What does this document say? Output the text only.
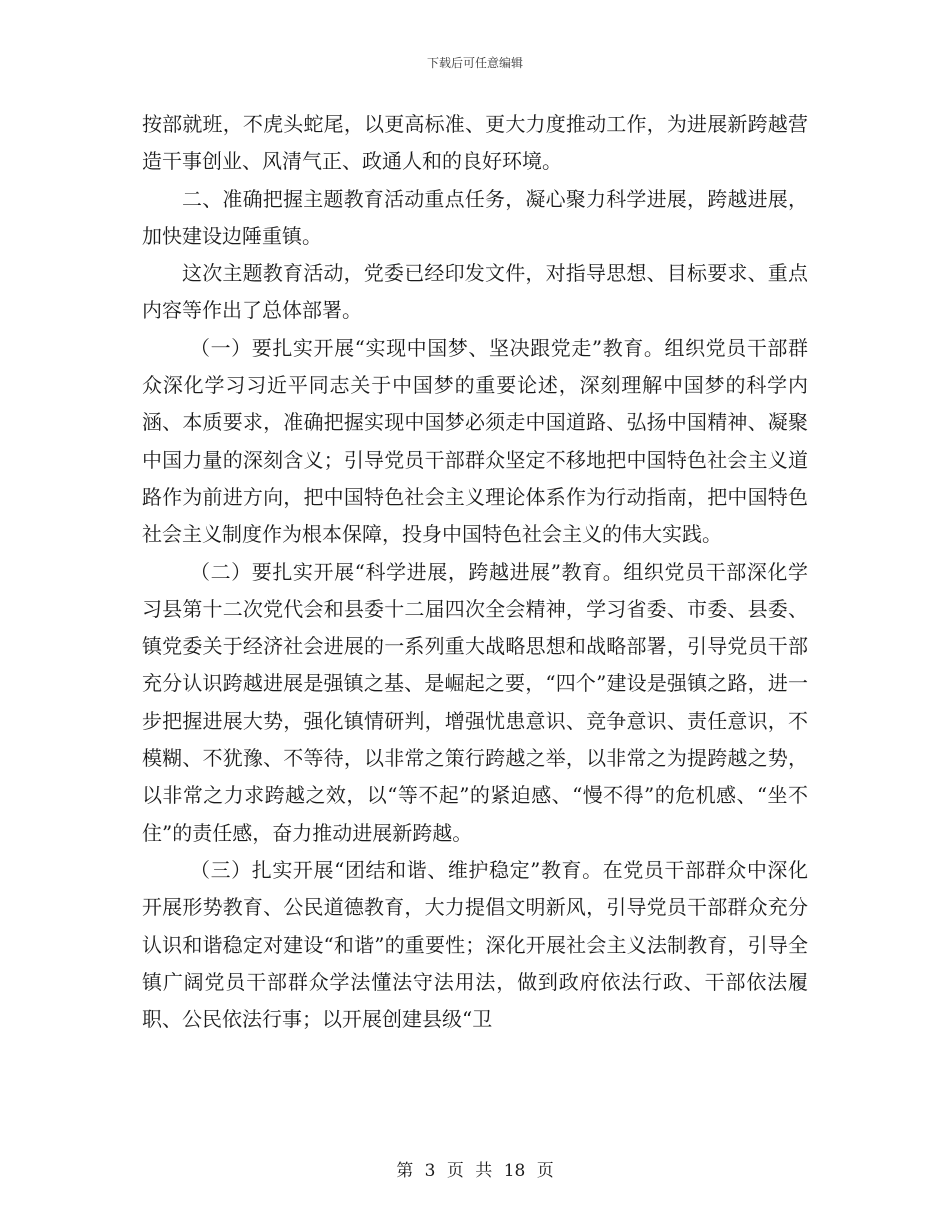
下载后可任意编辑

按部就班，不虎头蛇尾，以更高标准、更大力度推动工作，为进展新跨越营造干事创业、风清气正、政通人和的良好环境。

二、准确把握主题教育活动重点任务，凝心聚力科学进展，跨越进展，加快建设边陲重镇。

这次主题教育活动，党委已经印发文件，对指导思想、目标要求、重点内容等作出了总体部署。

（一）要扎实开展“实现中国梦、坚决跟党走”教育。组织党员干部群众深化学习习近平同志关于中国梦的重要论述，深刻理解中国梦的科学内涵、本质要求，准确把握实现中国梦必须走中国道路、弘扬中国精神、凝聚中国力量的深刻含义；引导党员干部群众坚定不移地把中国特色社会主义道路作为前进方向，把中国特色社会主义理论体系作为行动指南，把中国特色社会主义制度作为根本保障，投身中国特色社会主义的伟大实践。

（二）要扎实开展“科学进展，跨越进展”教育。组织党员干部深化学习县第十二次党代会和县委十二届四次全会精神，学习省委、市委、县委、镇党委关于经济社会进展的一系列重大战略思想和战略部署，引导党员干部充分认识跨越进展是强镇之基、是崛起之要，“四个”建设是强镇之路，进一步把握进展大势，强化镇情研判，增强忧患意识、竞争意识、责任意识，不模糊、不犹豫、不等待，以非常之策行跨越之举，以非常之为提跨越之势，以非常之力求跨越之效，以“等不起”的紧迫感、“慢不得”的危机感、“坐不住”的责任感，奋力推动进展新跨越。

（三）扎实开展“团结和谐、维护稳定”教育。在党员干部群众中深化开展形势教育、公民道德教育，大力提倡文明新风，引导党员干部群众充分认识和谐稳定对建设“和谐”的重要性；深化开展社会主义法制教育，引导全镇广阔党员干部群众学法懂法守法用法，做到政府依法行政、干部依法履职、公民依法行事；以开展创建县级“卫

第 3 页 共 18 页
